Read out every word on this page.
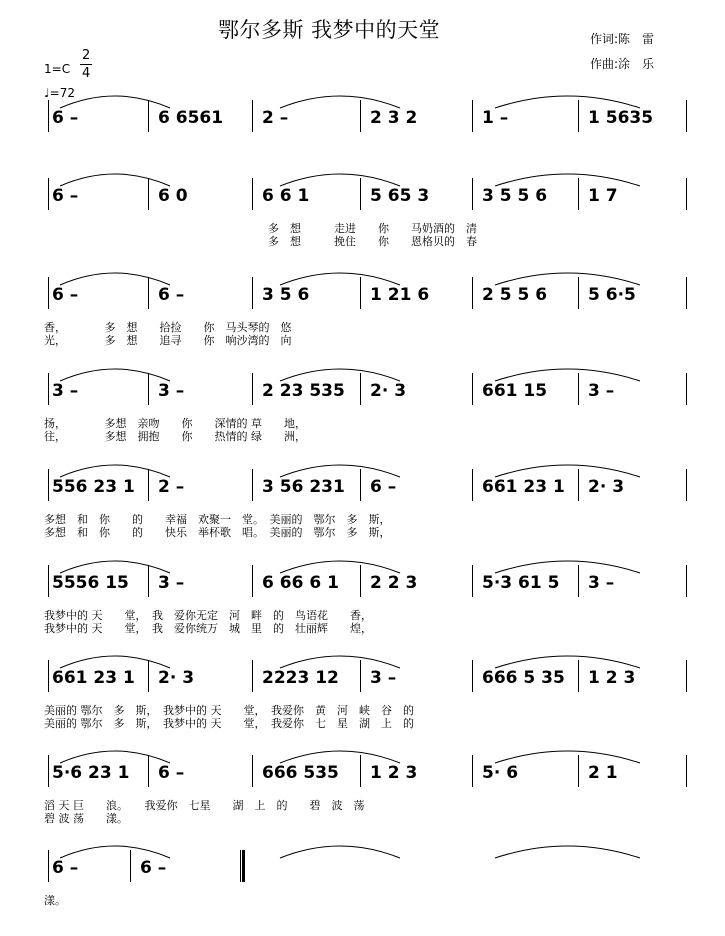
鄂尔多斯 我梦中的天堂	作词:陈　雷
作曲:涂　乐
1=C
2
4
♩=72
6 –	6 6561 2 –	2 3 2	1 –	1 5635
6 –	6 0	6 6 1	5 65 3	3 5 5 6 1 7
多　想　　　走进　　你　　马奶酒的　清
多　想　　　挽住　　你　　恩格贝的　春
6 –	6 –	3 5 6	1 21 6	2 5 5 6 5 6·5
香，　　　　多　想　　拾捡　　你　马头琴的　悠
光，　　　　多　想　　追寻　　你　响沙湾的　向
3 –	3 –	2 23 535 2· 3	661 15 3 –
扬，　　　　多想　亲吻　　你　　深情的 草　　地，
往，　　　　多想　拥抱　　你　　热情的 绿　　洲，
556 23 1 2 –	3 56 231 6 –	661 23 1 2· 3
多想　和　你　　的　　幸福　欢聚一　堂。　美丽的　鄂尔　多　斯，
多想　和　你　　的　　快乐　举杯歌　唱。　美丽的　鄂尔　多　斯，
5556 15 3 –	6 66 6 1 2 2 3	5·3 61 5 3 –
我梦中的 天　　堂，　我　爱你无定　河　畔　的　鸟语花　　香，
我梦中的 天　　堂，　我　爱你统万　城　里　的　壮丽辉　　煌，
661 23 1 2· 3	2223 12 3 –	666 5 35 1 2 3
美丽的 鄂尔　多　斯，　我梦中的 天　　堂，　我爱你　黄　河　峡　谷　的
美丽的 鄂尔　多　斯，　我梦中的 天　　堂，　我爱你　七　星　湖　上　的
5·6 23 1 6 –	666 535 1 2 3	5· 6	2 1
滔 天 巨　　浪。　　我爱你　七星　　湖　上　的　　碧　波　荡
碧 波 荡　　漾。
6 –	6 –
漾。
